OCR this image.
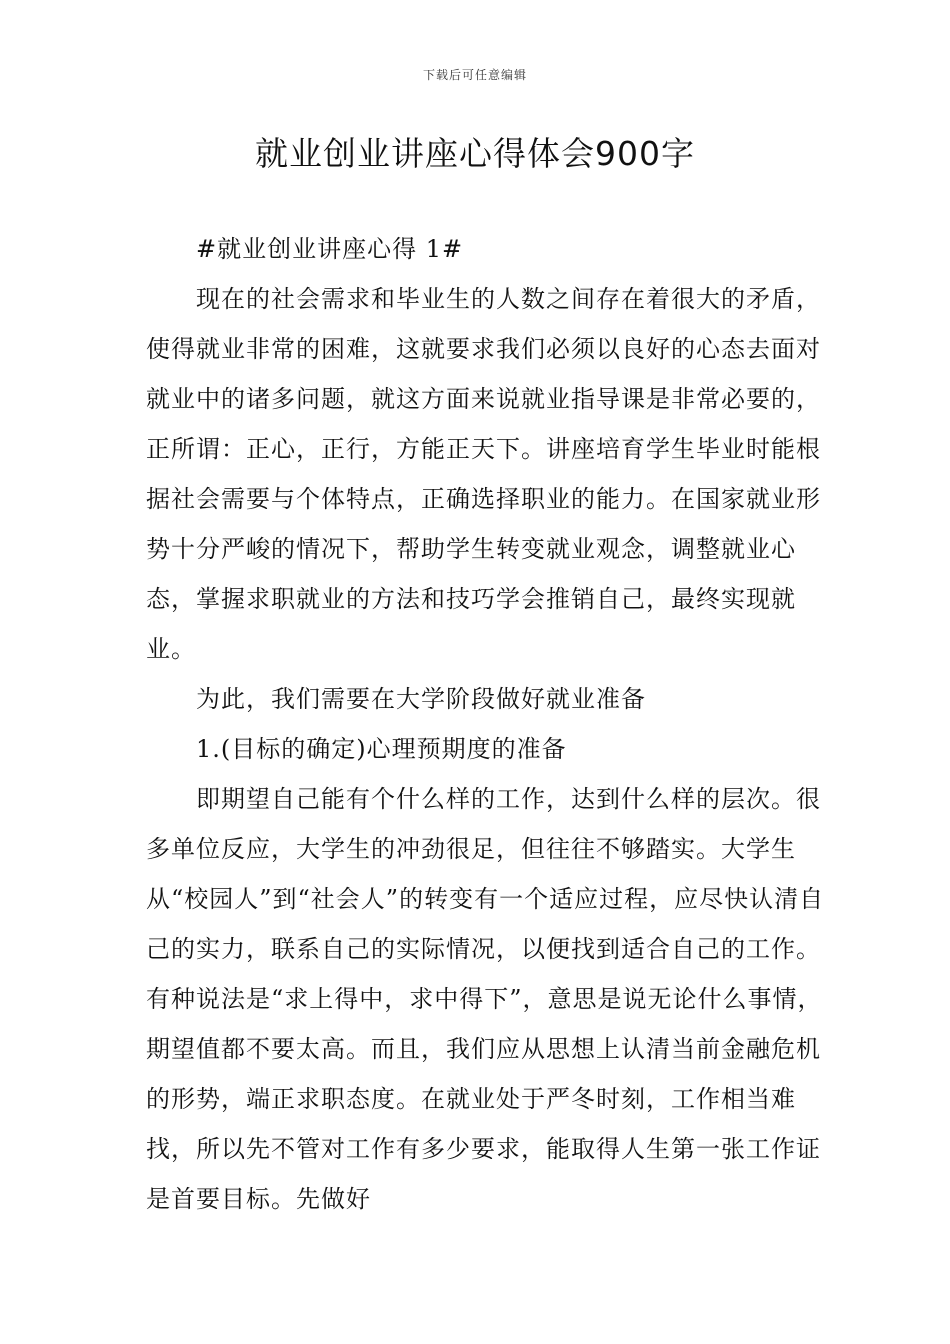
下载后可任意编辑
就业创业讲座心得体会900字

#就业创业讲座心得 1#

现在的社会需求和毕业生的人数之间存在着很大的矛盾，使得就业非常的困难，这就要求我们必须以良好的心态去面对就业中的诸多问题，就这方面来说就业指导课是非常必要的，正所谓：正心，正行，方能正天下。讲座培育学生毕业时能根据社会需要与个体特点，正确选择职业的能力。在国家就业形势十分严峻的情况下，帮助学生转变就业观念，调整就业心态，掌握求职就业的方法和技巧学会推销自己，最终实现就业。

为此，我们需要在大学阶段做好就业准备

1.(目标的确定)心理预期度的准备

即期望自己能有个什么样的工作，达到什么样的层次。很多单位反应，大学生的冲劲很足，但往往不够踏实。大学生从“校园人”到“社会人”的转变有一个适应过程，应尽快认清自己的实力，联系自己的实际情况，以便找到适合自己的工作。有种说法是“求上得中，求中得下”，意思是说无论什么事情，期望值都不要太高。而且，我们应从思想上认清当前金融危机的形势，端正求职态度。在就业处于严冬时刻，工作相当难找，所以先不管对工作有多少要求，能取得人生第一张工作证是首要目标。先做好
